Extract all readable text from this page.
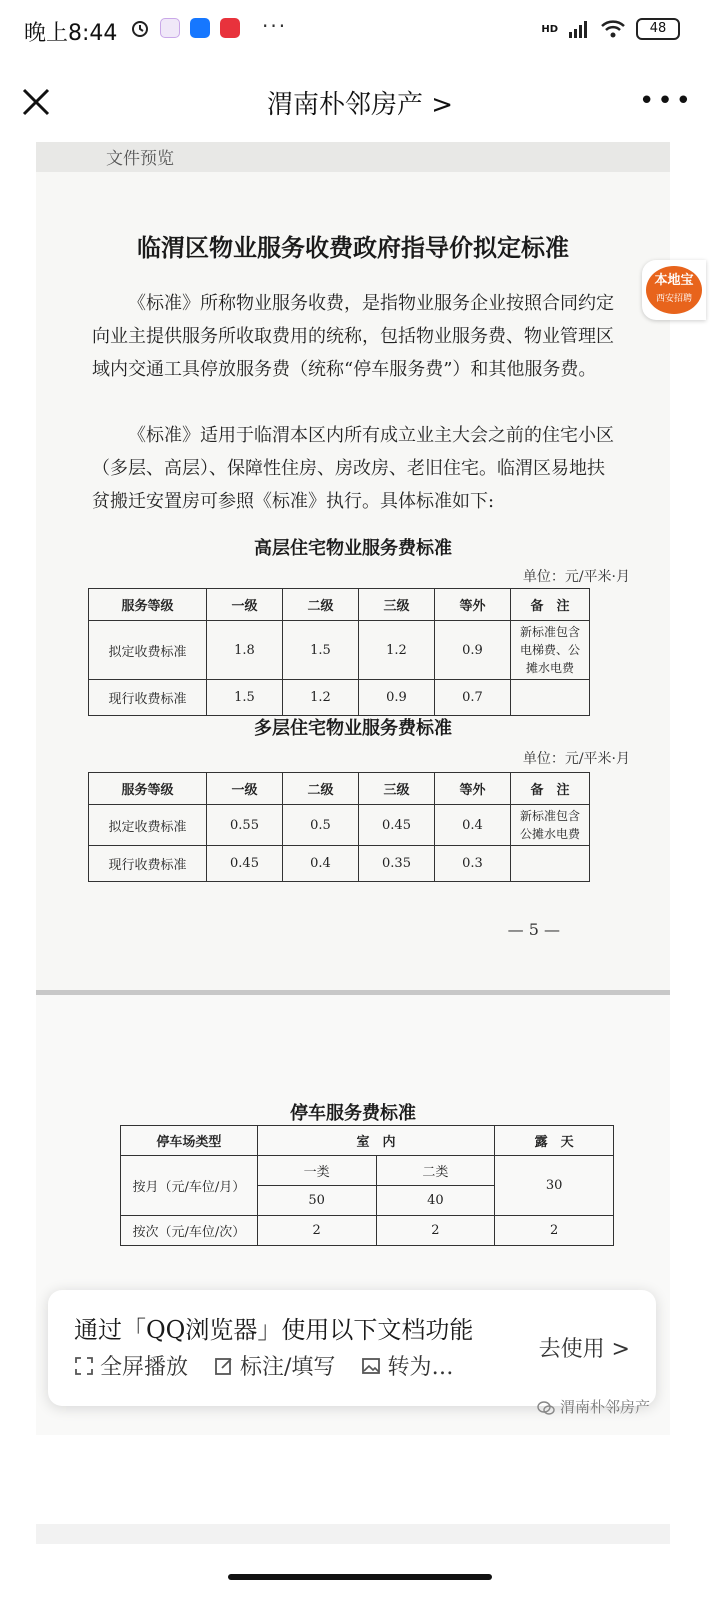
晚上8:44	···	HD	48
渭南朴邻房产 >	•••
文件预览
临渭区物业服务收费政府指导价拟定标准
《标准》所称物业服务收费，是指物业服务企业按照合同约定向业主提供服务所收取费用的统称，包括物业服务费、物业管理区域内交通工具停放服务费（统称“停车服务费”）和其他服务费。
《标准》适用于临渭本区内所有成立业主大会之前的住宅小区（多层、高层）、保障性住房、房改房、老旧住宅。临渭区易地扶贫搬迁安置房可参照《标准》执行。具体标准如下:
高层住宅物业服务费标准
单位：元/平米·月
服务等级	一级	二级	三级	等外	备　注
拟定收费标准	1.8	1.5	1.2	0.9	新标准包含电梯费、公摊水电费
现行收费标准	1.5	1.2	0.9	0.7	
多层住宅物业服务费标准
单位：元/平米·月
服务等级	一级	二级	三级	等外	备　注
拟定收费标准	0.55	0.5	0.45	0.4	新标准包含公摊水电费
现行收费标准	0.45	0.4	0.35	0.3	
— 5 —
停车服务费标准
停车场类型	室　内		露　天
按月（元/车位/月）	一类	二类	30
	50	40	
按次（元/车位/次）	2	2	2
本地宝
西安招聘
通过「QQ浏览器」使用以下文档功能
全屏播放 标注/填写 转为…
去使用 >
渭南朴邻房产
